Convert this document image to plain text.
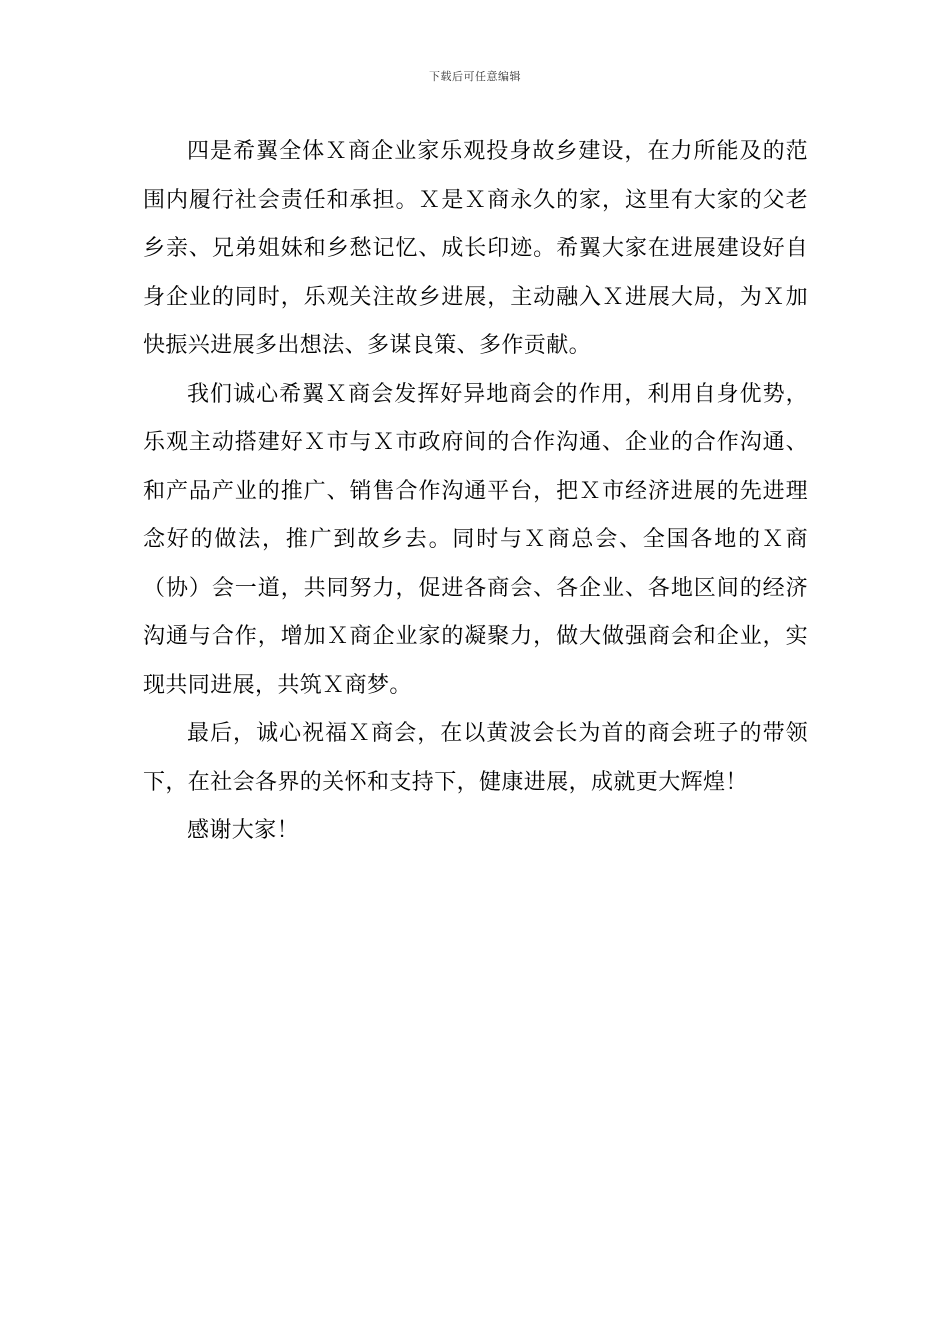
下载后可任意编辑

四是希翼全体Ｘ商企业家乐观投身故乡建设，在力所能及的范围内履行社会责任和承担。Ｘ是Ｘ商永久的家，这里有大家的父老乡亲、兄弟姐妹和乡愁记忆、成长印迹。希翼大家在进展建设好自身企业的同时，乐观关注故乡进展，主动融入Ｘ进展大局，为Ｘ加快振兴进展多出想法、多谋良策、多作贡献。

我们诚心希翼Ｘ商会发挥好异地商会的作用，利用自身优势，乐观主动搭建好Ｘ市与Ｘ市政府间的合作沟通、企业的合作沟通、和产品产业的推广、销售合作沟通平台，把Ｘ市经济进展的先进理念好的做法，推广到故乡去。同时与Ｘ商总会、全国各地的Ｘ商（协）会一道，共同努力，促进各商会、各企业、各地区间的经济沟通与合作，增加Ｘ商企业家的凝聚力，做大做强商会和企业，实现共同进展，共筑Ｘ商梦。

最后，诚心祝福Ｘ商会，在以黄波会长为首的商会班子的带领下，在社会各界的关怀和支持下，健康进展，成就更大辉煌！

感谢大家！
